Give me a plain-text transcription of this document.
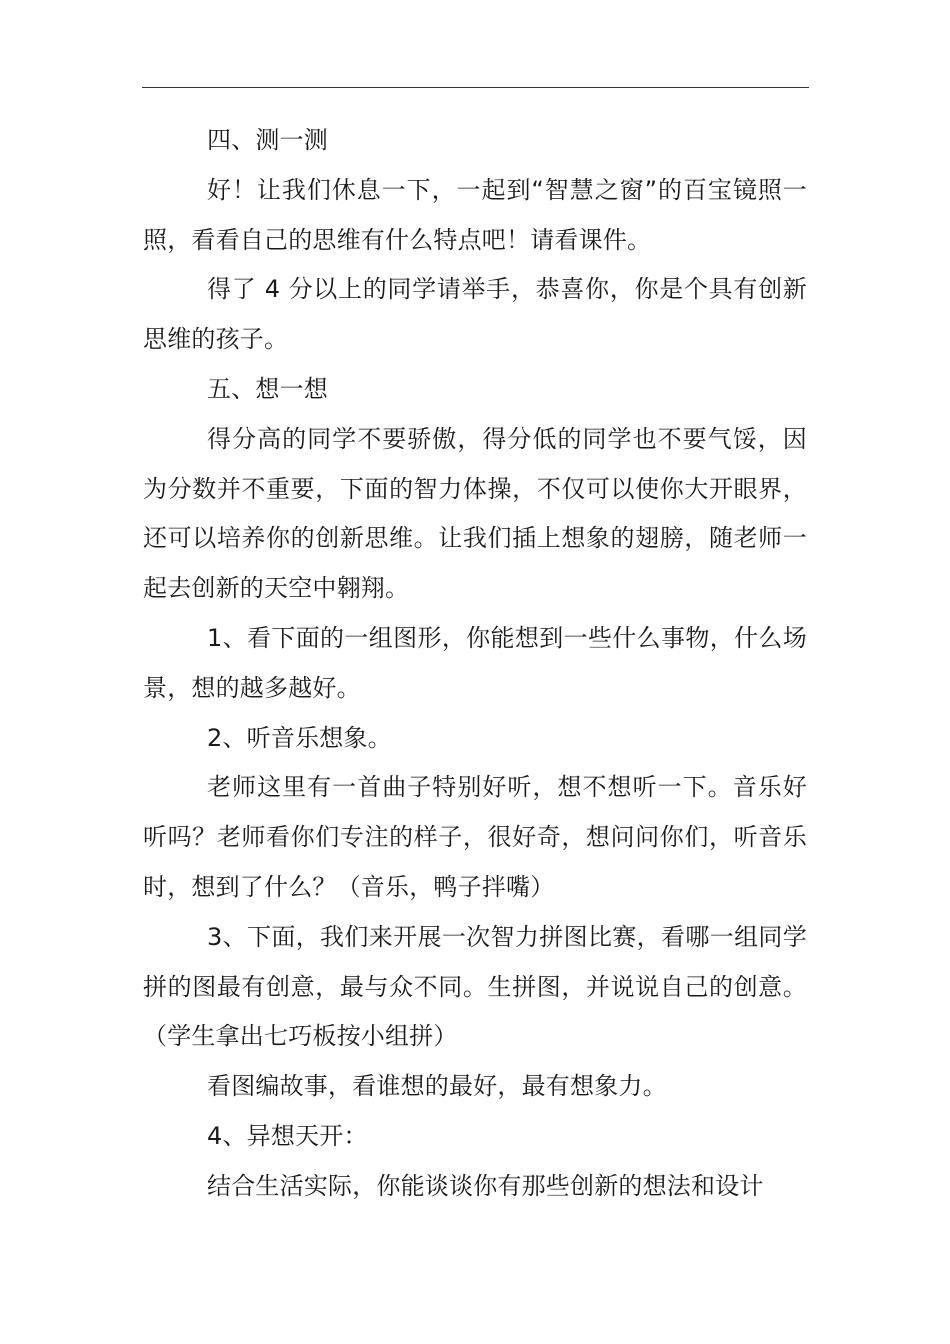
四、测一测

好！让我们休息一下，一起到“智慧之窗”的百宝镜照一照，看看自己的思维有什么特点吧！请看课件。

得了 4 分以上的同学请举手，恭喜你，你是个具有创新思维的孩子。

五、想一想

得分高的同学不要骄傲，得分低的同学也不要气馁，因为分数并不重要，下面的智力体操，不仅可以使你大开眼界，还可以培养你的创新思维。让我们插上想象的翅膀，随老师一起去创新的天空中翱翔。

1、看下面的一组图形，你能想到一些什么事物，什么场景，想的越多越好。

2、听音乐想象。

老师这里有一首曲子特别好听，想不想听一下。音乐好听吗？老师看你们专注的样子，很好奇，想问问你们，听音乐时，想到了什么？（音乐，鸭子拌嘴）

3、下面，我们来开展一次智力拼图比赛，看哪一组同学拼的图最有创意，最与众不同。生拼图，并说说自己的创意。（学生拿出七巧板按小组拼）

看图编故事，看谁想的最好，最有想象力。

4、异想天开：

结合生活实际，你能谈谈你有那些创新的想法和设计
